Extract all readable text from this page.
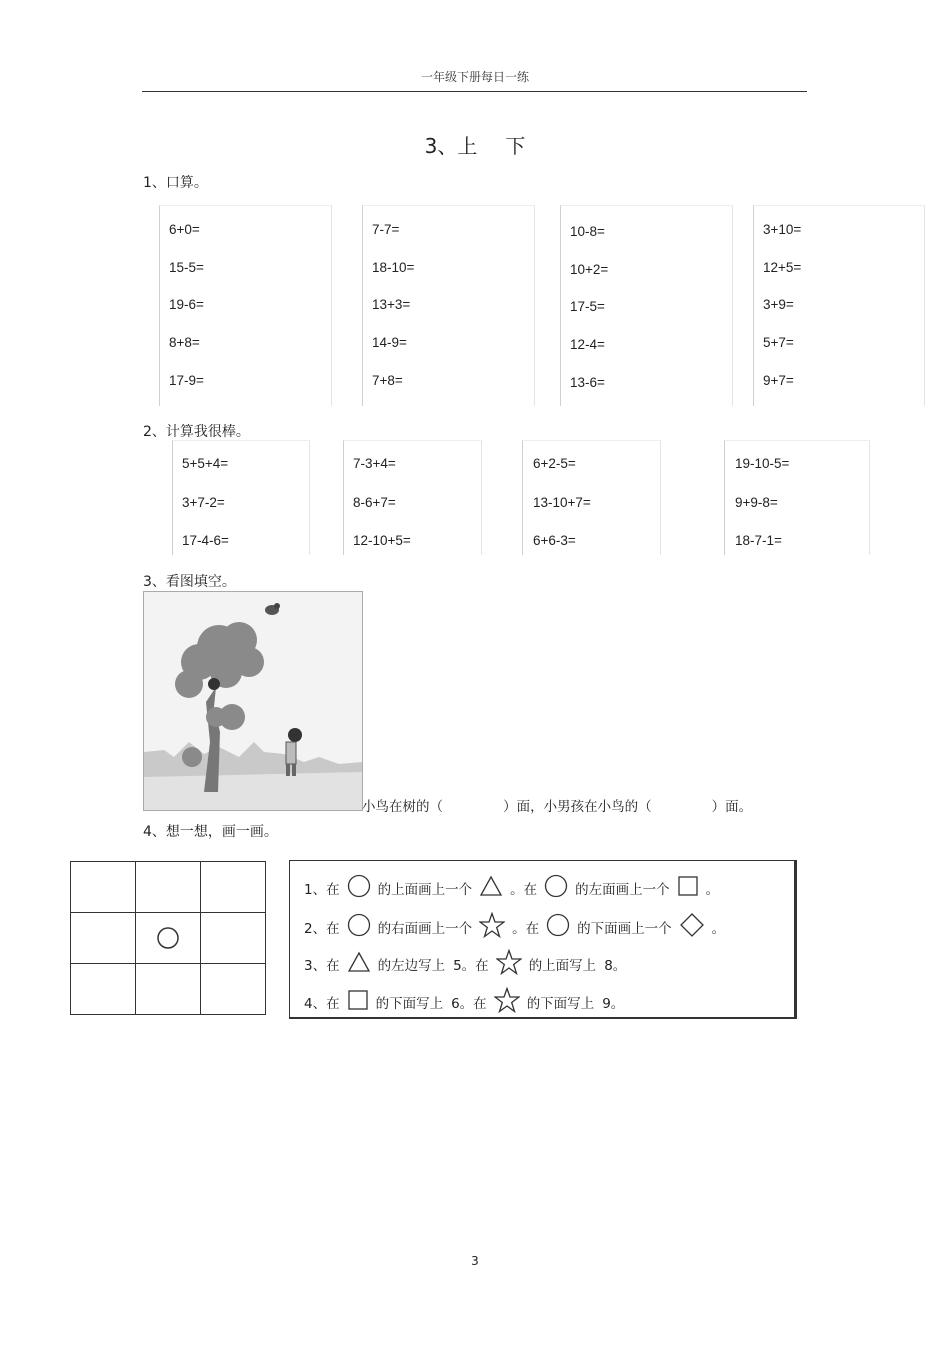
一年级下册每日一练
3、上 下
1、口算。
6+0=
15-5=
19-6=
8+8=
17-9=
7-7=
18-10=
13+3=
14-9=
7+8=
10-8=
10+2=
17-5=
12-4=
13-6=
3+10=
12+5=
3+9=
5+7=
9+7=
2、计算我很棒。
5+5+4=
3+7-2=
17-4-6=
7-3+4=
8-6+7=
12-10+5=
6+2-5=
13-10+7=
6+6-3=
19-10-5=
9+9-8=
18-7-1=
3、看图填空。
小鸟在树的（              ）面，小男孩在小鸟的（              ）面。
4、想一想，画一画。

1、在	的上面画上一个	。在	的左面画上一个	。
2、在	的右面画上一个	。在	的下面画上一个	。
3、在	的左边写上 5。在	的上面写上 8。
4、在	的下面写上 6。在	的下面写上 9。
3
